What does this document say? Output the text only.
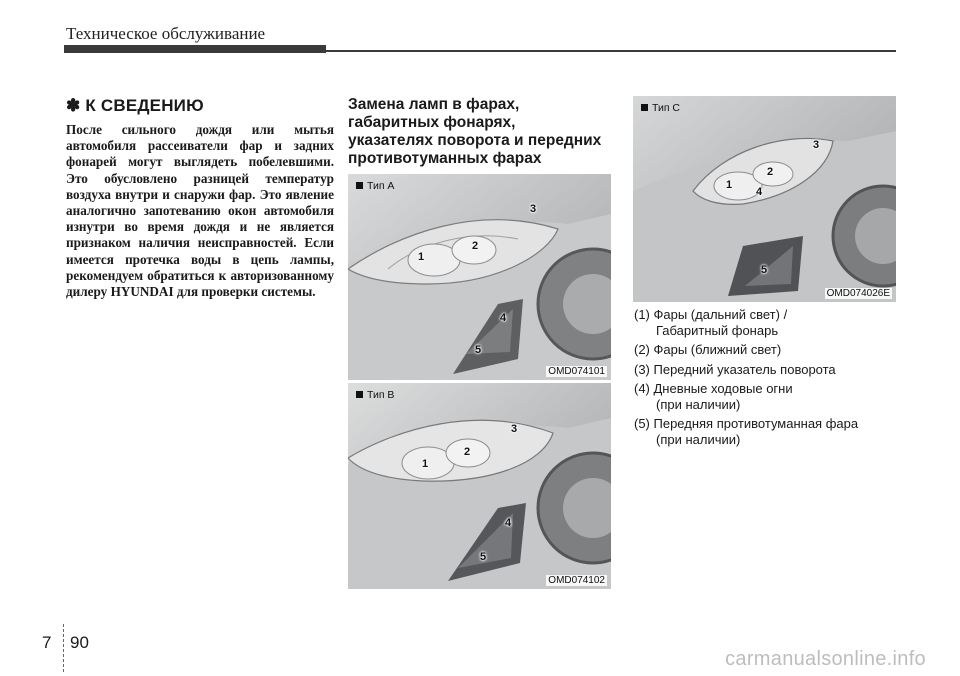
Техническое обслуживание
✽ К СВЕДЕНИЮ

После сильного дождя или мытья автомобиля рассеиватели фар и задних фонарей могут выглядеть побелевшими. Это обусловлено разницей температур воздуха внутри и снаружи фар. Это явление аналогично запотеванию окон автомобиля изнутри во время дождя и не является признаком наличия неисправностей. Если имеется протечка воды в цепь лампы, рекомендуем обратиться к авторизованному дилеру HYUNDAI для проверки системы.

Замена ламп в фарах,
габаритных фонарях,
указателях поворота и передних
противотуманных фарах
Тип A
1
2
3
4
5
OMD074101
Тип B
1
2
3
4
5
OMD074102
Тип C
1
2
3
4
5
OMD074026E
(1) Фары (дальний свет) /
Габаритный фонарь
(2) Фары (ближний свет)
(3) Передний указатель поворота
(4) Дневные ходовые огни
(при наличии)
(5) Передняя противотуманная фара
(при наличии)
7 90
carmanualsonline.info
